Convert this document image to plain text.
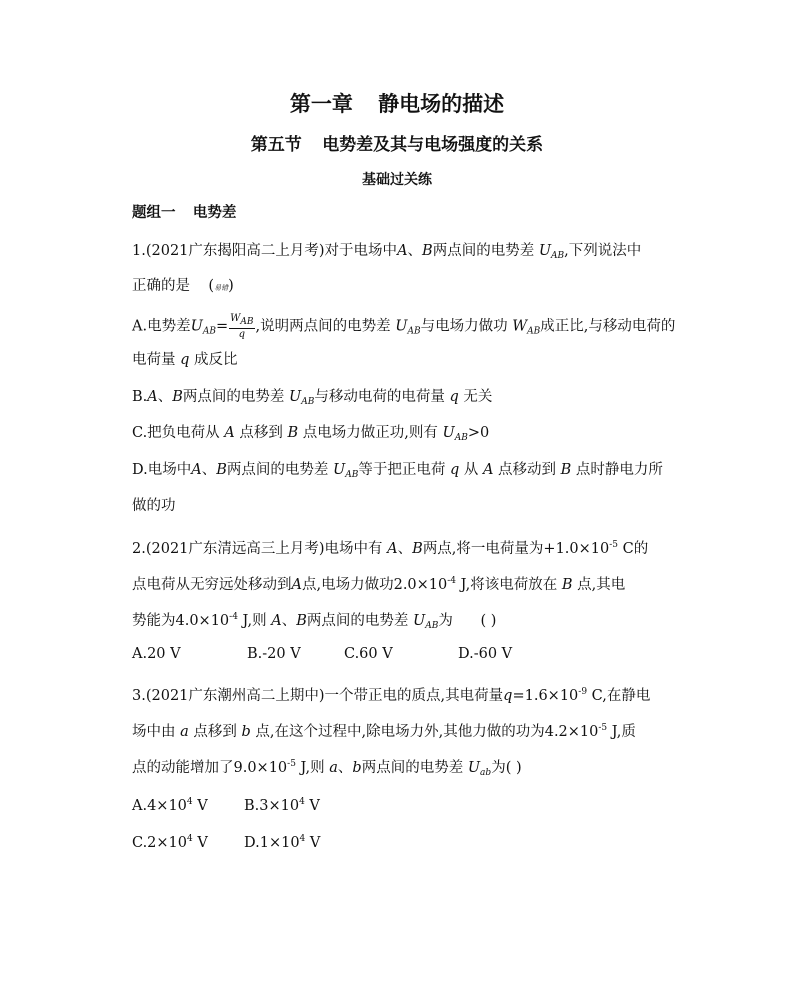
第一章 静电场的描述
第五节 电势差及其与电场强度的关系
基础过关练
题组一 电势差
1.(2021广东揭阳高二上月考)对于电场中A、B两点间的电势差 $U_{AB}$,下列说法中
正确的是    (易错)
A.电势差$U_{AB}= \frac{W_{AB}}{q}$ ,说明两点间的电势差 $U_{AB}$与电场力做功 $W_{AB}$成正比,与移动电荷的
电荷量 q 成反比
B.A、B两点间的电势差 $U_{AB}$与移动电荷的电荷量 q 无关
C.把负电荷从 A 点移到 B 点电场力做正功,则有 $U_{AB}>0$
D.电场中A、B两点间的电势差 $U_{AB}$等于把正电荷 q 从 A 点移动到 B 点时静电力所
做的功
2.(2021广东清远高三上月考)电场中有 A、B两点,将一电荷量为$+1.0\times 10^{-5}$ C的
点电荷从无穷远处移动到A点,电场力做功$2.0\times 10^{-4}$ J,将该电荷放在 B 点,其电
势能为$4.0\times 10^{-4}$ J,则 A、B两点间的电势差 $U_{AB}$为 ( )
A.20 V	B.-20 V	C.60 V	D.-60 V
3.(2021广东潮州高二上期中)一个带正电的质点,其电荷量$q=1.6\times 10^{-9}$ C,在静电
场中由 a 点移到 b 点,在这个过程中,除电场力外,其他力做的功为$4.2\times 10^{-5}$ J,质
点的动能增加了$9.0\times 10^{-5}$ J,则 a、b两点间的电势差 $U_{ab}$为( )
$A.4\times 10^4$ V	$B.3\times 10^4$ V
$C.2\times 10^4$ V $D.1\times 10^4$ V
